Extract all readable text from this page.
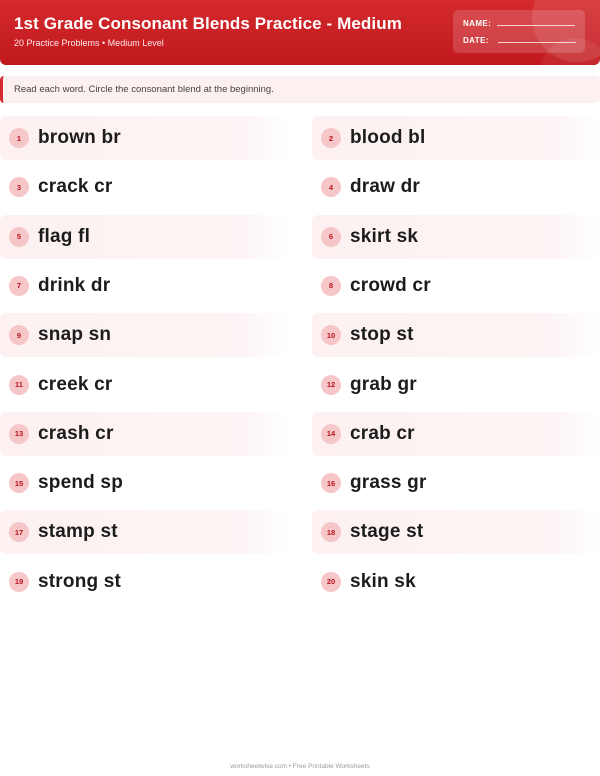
1st Grade Consonant Blends Practice - Medium
20 Practice Problems • Medium Level
NAME:
DATE:
Read each word. Circle the consonant blend at the beginning.
1 brown br	2 blood bl
3 crack cr	4 draw dr
5 flag fl	6 skirt sk
7 drink dr	8 crowd cr
9 snap sn	10 stop st
11 creek cr	12 grab gr
13 crash cr	14 crab cr
15 spend sp	16 grass gr
17 stamp st	18 stage st
19 strong st	20 skin sk
worksheetwise.com • Free Printable Worksheets
